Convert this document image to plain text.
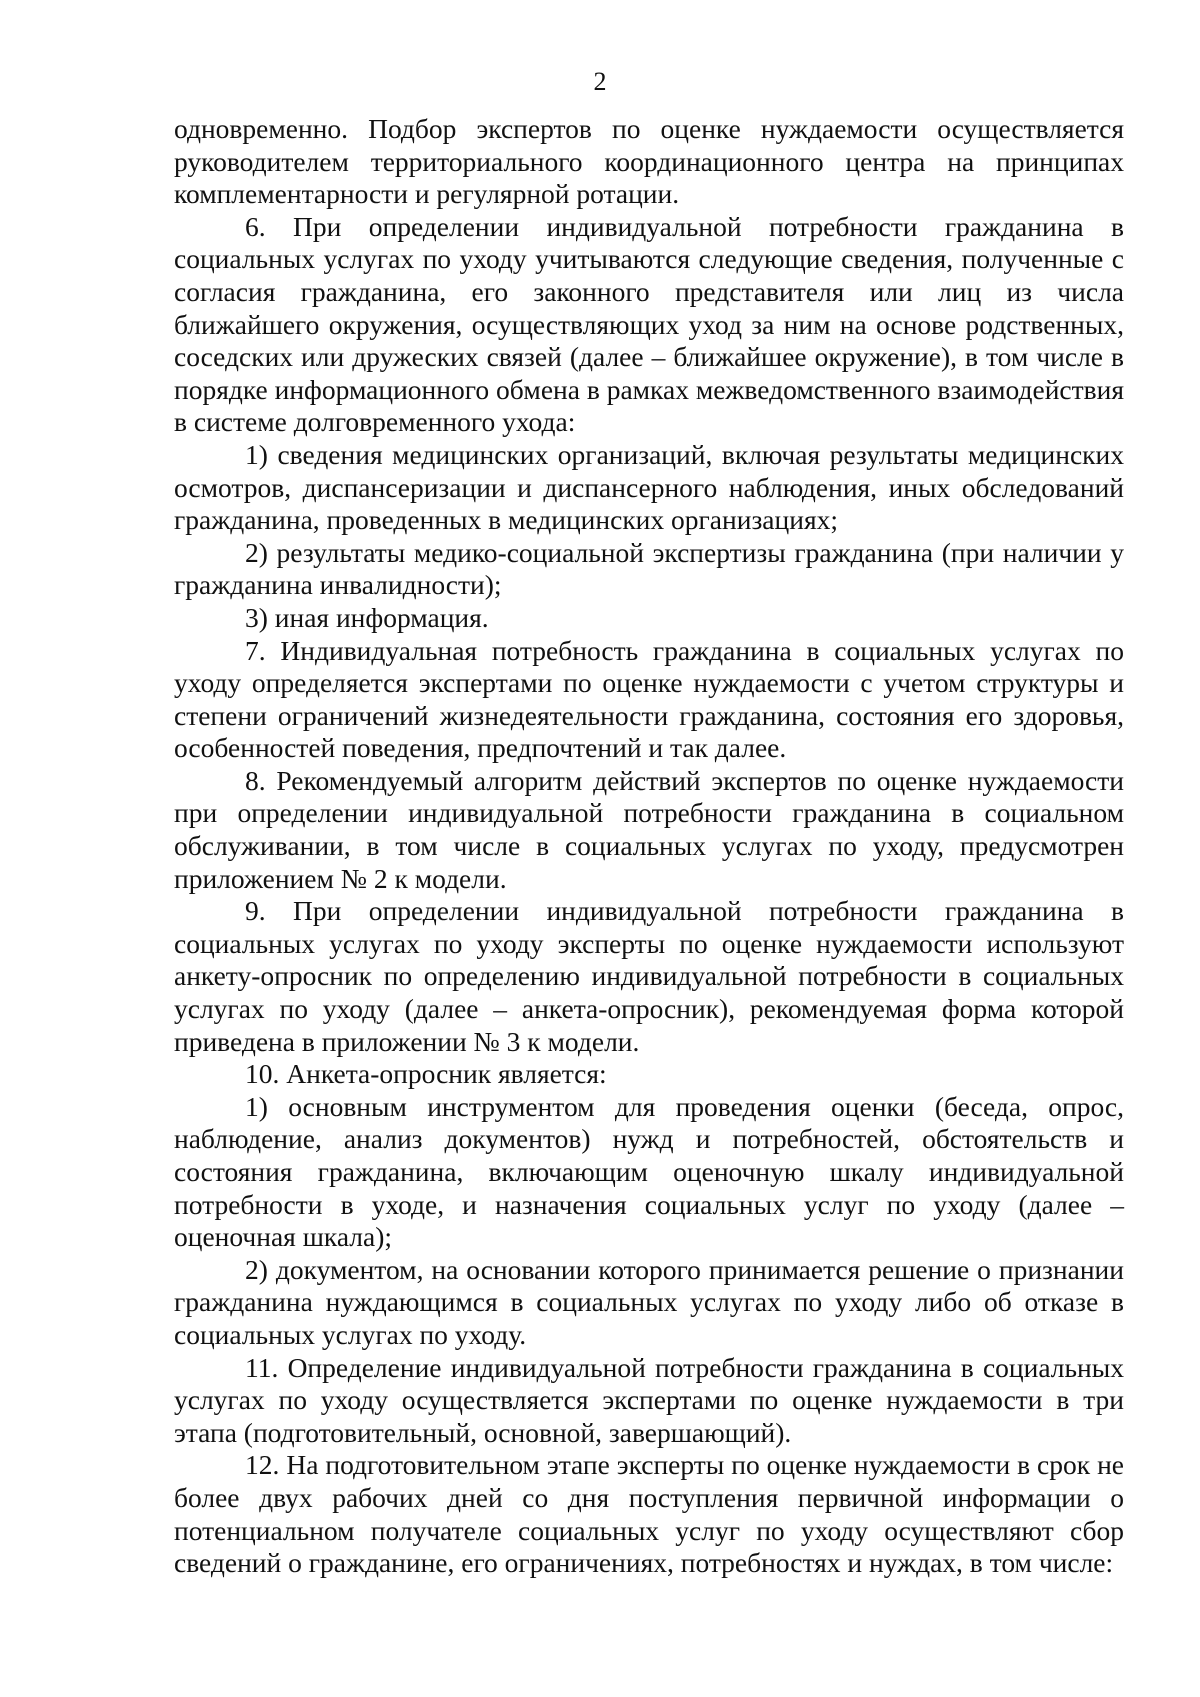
2

одновременно. Подбор экспертов по оценке нуждаемости осуществляется руководителем территориального координационного центра на принципах комплементарности и регулярной ротации.

6. При определении индивидуальной потребности гражданина в социальных услугах по уходу учитываются следующие сведения, полученные с согласия гражданина, его законного представителя или лиц из числа ближайшего окружения, осуществляющих уход за ним на основе родственных, соседских или дружеских связей (далее – ближайшее окружение), в том числе в порядке информационного обмена в рамках межведомственного взаимодействия в системе долговременного ухода:

1) сведения медицинских организаций, включая результаты медицинских осмотров, диспансеризации и диспансерного наблюдения, иных обследований гражданина, проведенных в медицинских организациях;

2) результаты медико-социальной экспертизы гражданина (при наличии у гражданина инвалидности);

3) иная информация.

7. Индивидуальная потребность гражданина в социальных услугах по уходу определяется экспертами по оценке нуждаемости с учетом структуры и степени ограничений жизнедеятельности гражданина, состояния его здоровья, особенностей поведения, предпочтений и так далее.

8. Рекомендуемый алгоритм действий экспертов по оценке нуждаемости при определении индивидуальной потребности гражданина в социальном обслуживании, в том числе в социальных услугах по уходу, предусмотрен приложением № 2 к модели.

9. При определении индивидуальной потребности гражданина в социальных услугах по уходу эксперты по оценке нуждаемости используют анкету-опросник по определению индивидуальной потребности в социальных услугах по уходу (далее – анкета-опросник), рекомендуемая форма которой приведена в приложении № 3 к модели.

10. Анкета-опросник является:

1) основным инструментом для проведения оценки (беседа, опрос, наблюдение, анализ документов) нужд и потребностей, обстоятельств и состояния гражданина, включающим оценочную шкалу индивидуальной потребности в уходе, и назначения социальных услуг по уходу (далее – оценочная шкала);

2) документом, на основании которого принимается решение о признании гражданина нуждающимся в социальных услугах по уходу либо об отказе в социальных услугах по уходу.

11. Определение индивидуальной потребности гражданина в социальных услугах по уходу осуществляется экспертами по оценке нуждаемости в три этапа (подготовительный, основной, завершающий).

12. На подготовительном этапе эксперты по оценке нуждаемости в срок не более двух рабочих дней со дня поступления первичной информации о потенциальном получателе социальных услуг по уходу осуществляют сбор сведений о гражданине, его ограничениях, потребностях и нуждах, в том числе:
